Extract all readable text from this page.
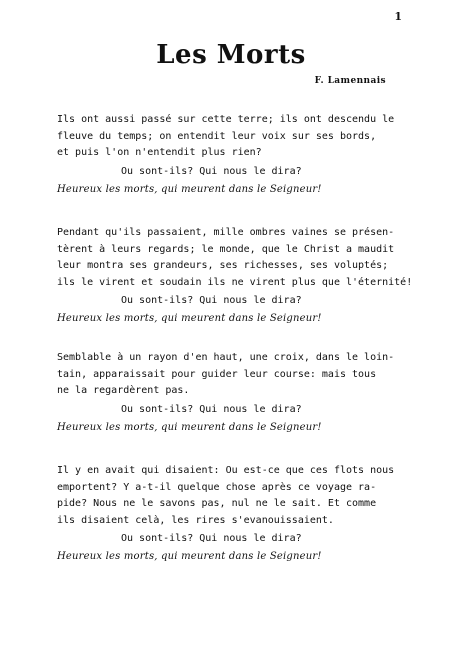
1
Les Morts
F. Lamennais
Ils ont aussi passé sur cette terre; ils ont descendu le
fleuve du temps; on entendit leur voix sur ses bords,
et puis l'on n'entendit plus rien?
Ou sont-ils? Qui nous le dira?
Heureux les morts, qui meurent dans le Seigneur!
Pendant qu'ils passaient, mille ombres vaines se présen-
tèrent à leurs regards; le monde, que le Christ a maudit
leur montra ses grandeurs, ses richesses, ses voluptés;
ils le virent et soudain ils ne virent plus que l'éternité!
Ou sont-ils? Qui nous le dira?
Heureux les morts, qui meurent dans le Seigneur!
Semblable à un rayon d'en haut, une croix, dans le loin-
tain, apparaissait pour guider leur course: mais tous
ne la regardèrent pas.
Ou sont-ils? Qui nous le dira?
Heureux les morts, qui meurent dans le Seigneur!
Il y en avait qui disaient: Ou est-ce que ces flots nous
emportent? Y a-t-il quelque chose après ce voyage ra-
pide? Nous ne le savons pas, nul ne le sait. Et comme
ils disaient celà, les rires s'evanouissaient.
Ou sont-ils? Qui nous le dira?
Heureux les morts, qui meurent dans le Seigneur!
